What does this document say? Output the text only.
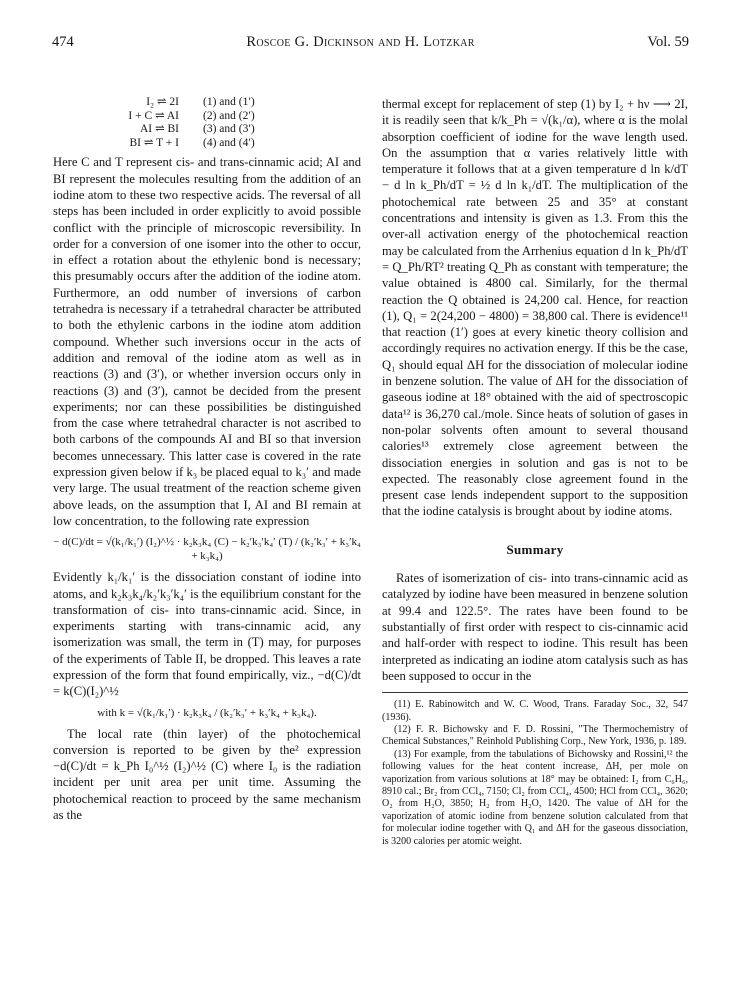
474	Roscoe G. Dickinson and H. Lotzkar	Vol. 59
I₂ ⇌ 2I	(1) and (1′)
I + C ⇌ AI	(2) and (2′)
AI ⇌ BI	(3) and (3′)
BI ⇌ T + I	(4) and (4′)

Here C and T represent cis- and trans-cinnamic acid; AI and BI represent the molecules resulting from the addition of an iodine atom to these two respective acids. The reversal of all steps has been included in order explicitly to avoid possible conflict with the principle of microscopic reversibility. In order for a conversion of one isomer into the other to occur, in effect a rotation about the ethylenic bond is necessary; this presumably occurs after the addition of the iodine atom. Furthermore, an odd number of inversions of carbon tetrahedra is necessary if a tetrahedral character be attributed to both the ethylenic carbons in the iodine atom addition compound. Whether such inversions occur in the acts of addition and removal of the iodine atom as well as in reactions (3) and (3′), or whether inversion occurs only in reactions (3) and (3′), cannot be decided from the present experiments; nor can these possibilities be distinguished from the case where tetrahedral character is not ascribed to both carbons of the compounds AI and BI so that inversion becomes unnecessary. This latter case is covered in the rate expression given below if k₃ be placed equal to k₃′ and made very large. The usual treatment of the reaction scheme given above leads, on the assumption that I, AI and BI remain at low concentration, to the following rate expression

− d(C)/dt = √(k₁/k₁′) (I₂)^½ · k₂k₃k₄ (C) − k₂′k₃′k₄′ (T) / (k₂′k₃′ + k₃′k₄ + k₃k₄)

Evidently k₁/k₁′ is the dissociation constant of iodine into atoms, and k₂k₃k₄/k₂′k₃′k₄′ is the equilibrium constant for the transformation of cis- into trans-cinnamic acid. Since, in experiments starting with trans-cinnamic acid, any isomerization was small, the term in (T) may, for purposes of the experiments of Table II, be dropped. This leaves a rate expression of the form that found empirically, viz., −d(C)/dt = k(C)(I₂)^½

with k = √(k₁/k₁′) · k₂k₃k₄ / (k₂′k₃′ + k₃′k₄ + k₃k₄).

The local rate (thin layer) of the photochemical conversion is reported to be given by the² expression −d(C)/dt = k_Ph I₀^½ (I₂)^½ (C) where I₀ is the radiation incident per unit area per unit time. Assuming the photochemical reaction to proceed by the same mechanism as the

thermal except for replacement of step (1) by I₂ + hν ⟶ 2I, it is readily seen that k/k_Ph = √(k₁/α), where α is the molal absorption coefficient of iodine for the wave length used. On the assumption that α varies relatively little with temperature it follows that at a given temperature d ln k/dT − d ln k_Ph/dT = ½ d ln k₁/dT. The multiplication of the photochemical rate between 25 and 35° at constant concentrations and intensity is given as 1.3. From this the over-all activation energy of the photochemical reaction may be calculated from the Arrhenius equation d ln k_Ph/dT = Q_Ph/RT² treating Q_Ph as constant with temperature; the value obtained is 4800 cal. Similarly, for the thermal reaction the Q obtained is 24,200 cal. Hence, for reaction (1), Q₁ = 2(24,200 − 4800) = 38,800 cal. There is evidence¹¹ that reaction (1′) goes at every kinetic theory collision and accordingly requires no activation energy. If this be the case, Q₁ should equal ΔH for the dissociation of molecular iodine in benzene solution. The value of ΔH for the dissociation of gaseous iodine at 18° obtained with the aid of spectroscopic data¹² is 36,270 cal./mole. Since heats of solution of gases in non-polar solvents often amount to several thousand calories¹³ extremely close agreement between the dissociation energies in solution and gas is not to be expected. The reasonably close agreement found in the present case lends independent support to the supposition that the iodine catalysis is brought about by iodine atoms.

Summary

Rates of isomerization of cis- into trans-cinnamic acid as catalyzed by iodine have been measured in benzene solution at 99.4 and 122.5°. The rates have been found to be substantially of first order with respect to cis-cinnamic acid and half-order with respect to iodine. This result has been interpreted as indicating an iodine atom catalysis such as has been supposed to occur in the

(11) E. Rabinowitch and W. C. Wood, Trans. Faraday Soc., 32, 547 (1936).

(12) F. R. Bichowsky and F. D. Rossini, "The Thermochemistry of Chemical Substances," Reinhold Publishing Corp., New York, 1936, p. 189.

(13) For example, from the tabulations of Bichowsky and Rossini,¹² the following values for the heat content increase, ΔH, per mole on vaporization from various solutions at 18° may be obtained: I₂ from C₆H₆, 8910 cal.; Br₂ from CCl₄, 7150; Cl₂ from CCl₄, 4500; HCl from CCl₄, 3620; O₂ from H₂O, 3850; H₂ from H₂O, 1420. The value of ΔH for the vaporization of atomic iodine from benzene solution calculated from that for molecular iodine together with Q₁ and ΔH for the gaseous dissociation, is 3200 calories per atomic weight.
